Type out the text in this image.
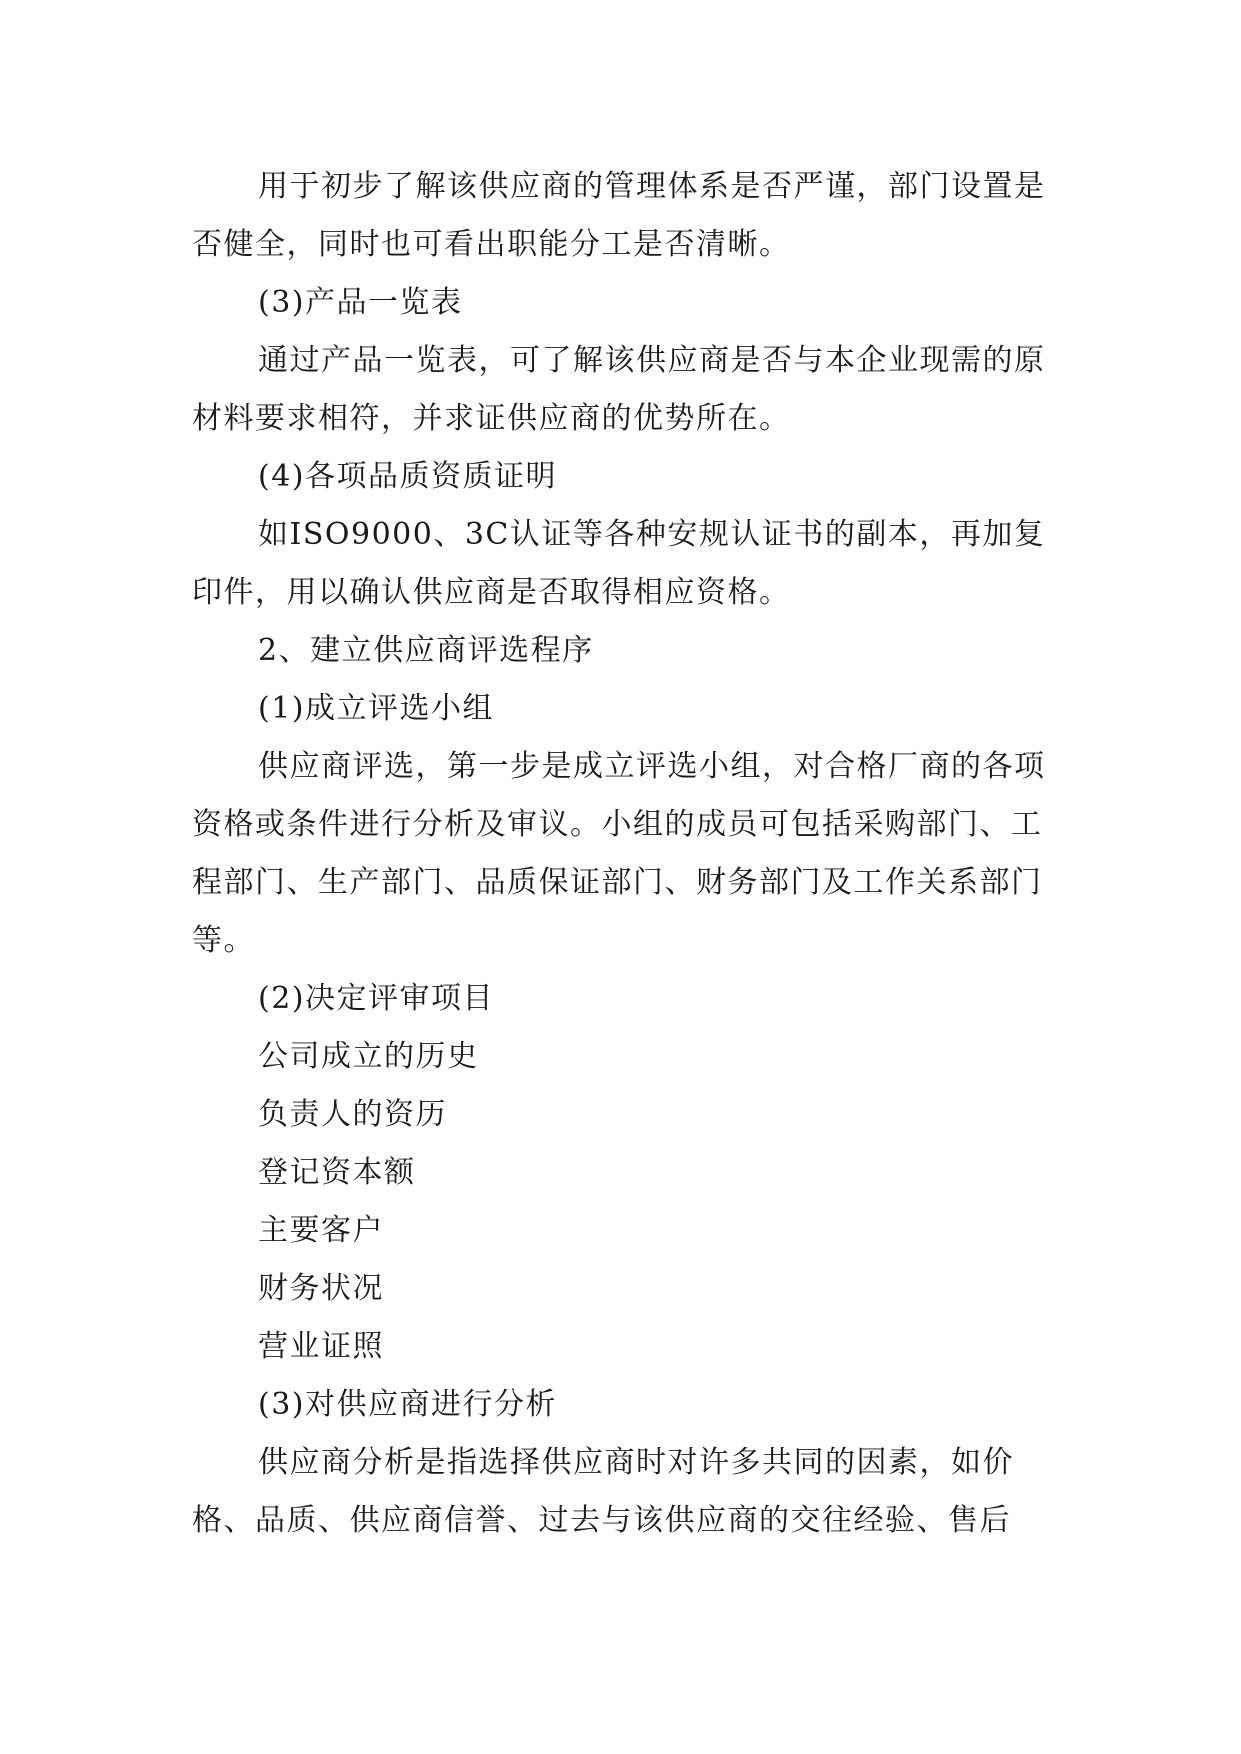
用于初步了解该供应商的管理体系是否严谨，部门设置是否健全，同时也可看出职能分工是否清晰。

(3)产品一览表

通过产品一览表，可了解该供应商是否与本企业现需的原材料要求相符，并求证供应商的优势所在。

(4)各项品质资质证明

如ISO9000、3C认证等各种安规认证书的副本，再加复印件，用以确认供应商是否取得相应资格。

2、建立供应商评选程序

(1)成立评选小组

供应商评选，第一步是成立评选小组，对合格厂商的各项资格或条件进行分析及审议。小组的成员可包括采购部门、工程部门、生产部门、品质保证部门、财务部门及工作关系部门等。

(2)决定评审项目

公司成立的历史

负责人的资历

登记资本额

主要客户

财务状况

营业证照

(3)对供应商进行分析

供应商分析是指选择供应商时对许多共同的因素，如价格、品质、供应商信誉、过去与该供应商的交往经验、售后
